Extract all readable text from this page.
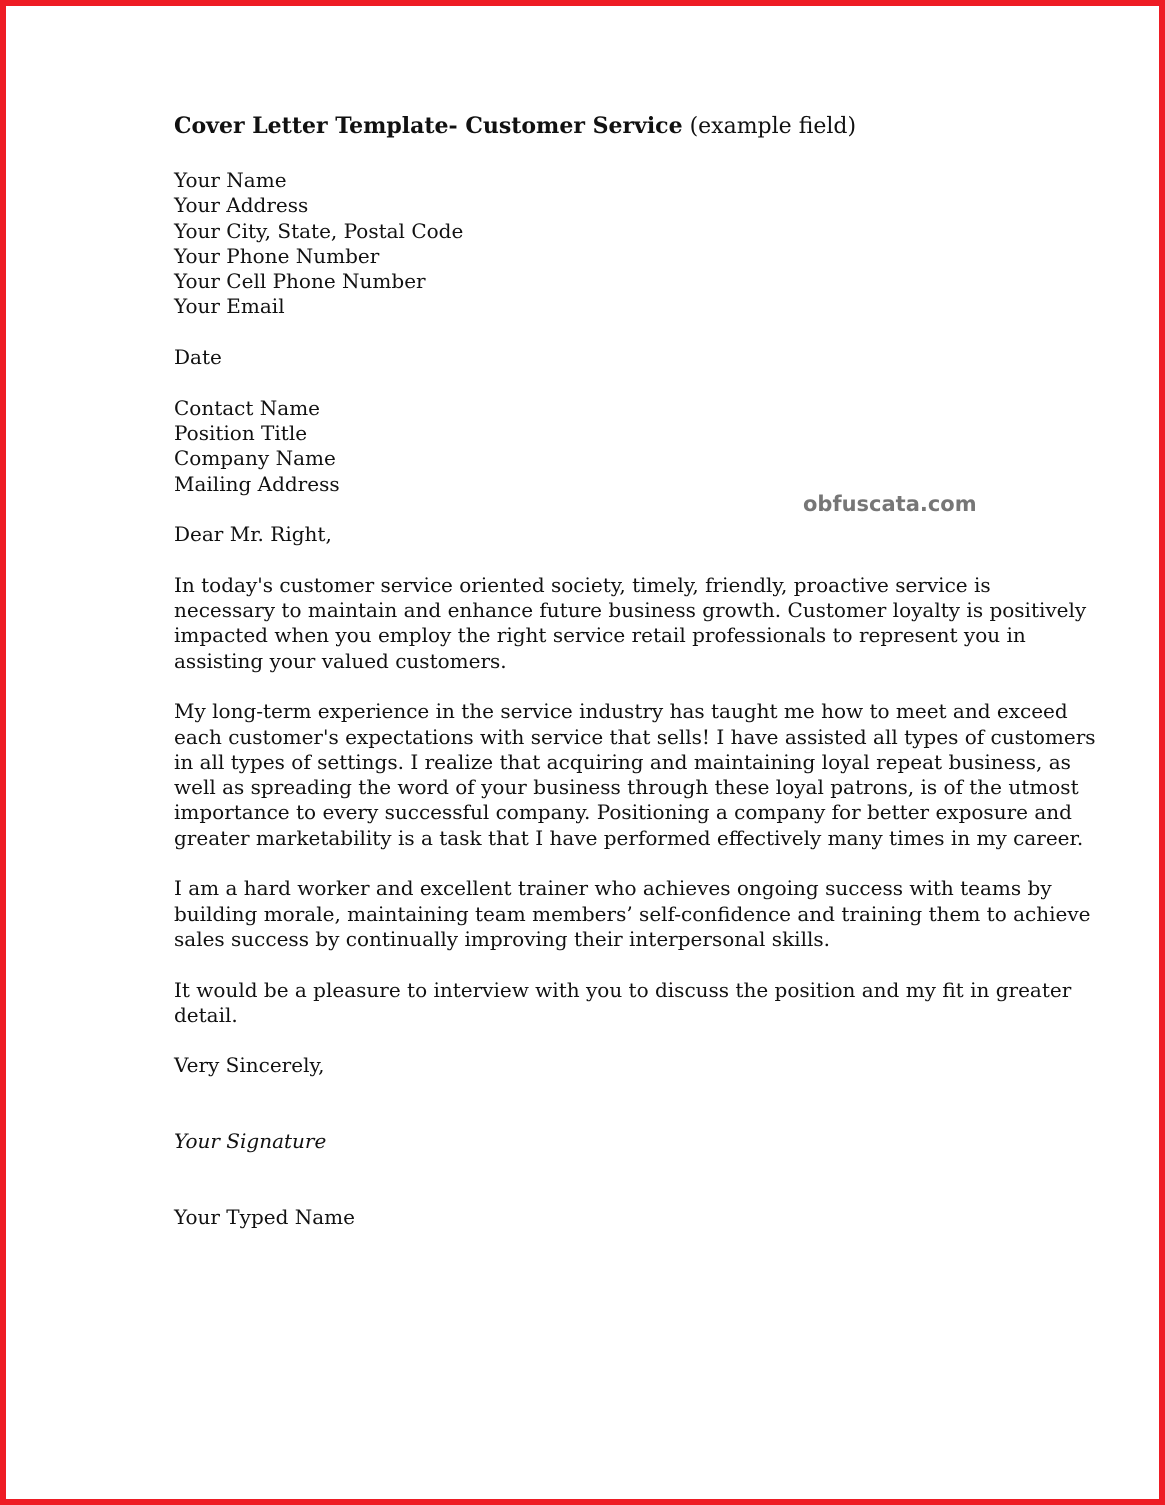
Cover Letter Template- Customer Service (example field)
Your Name
Your Address
Your City, State, Postal Code
Your Phone Number
Your Cell Phone Number
Your Email
Date
Contact Name
Position Title
Company Name
Mailing Address
Dear Mr. Right,
In today's customer service oriented society, timely, friendly, proactive service is
necessary to maintain and enhance future business growth. Customer loyalty is positively
impacted when you employ the right service retail professionals to represent you in
assisting your valued customers.
My long-term experience in the service industry has taught me how to meet and exceed
each customer's expectations with service that sells! I have assisted all types of customers
in all types of settings. I realize that acquiring and maintaining loyal repeat business, as
well as spreading the word of your business through these loyal patrons, is of the utmost
importance to every successful company. Positioning a company for better exposure and
greater marketability is a task that I have performed effectively many times in my career.
I am a hard worker and excellent trainer who achieves ongoing success with teams by
building morale, maintaining team members’ self-confidence and training them to achieve
sales success by continually improving their interpersonal skills.
It would be a pleasure to interview with you to discuss the position and my fit in greater
detail.
Very Sincerely,
Your Signature
Your Typed Name
obfuscata.com
